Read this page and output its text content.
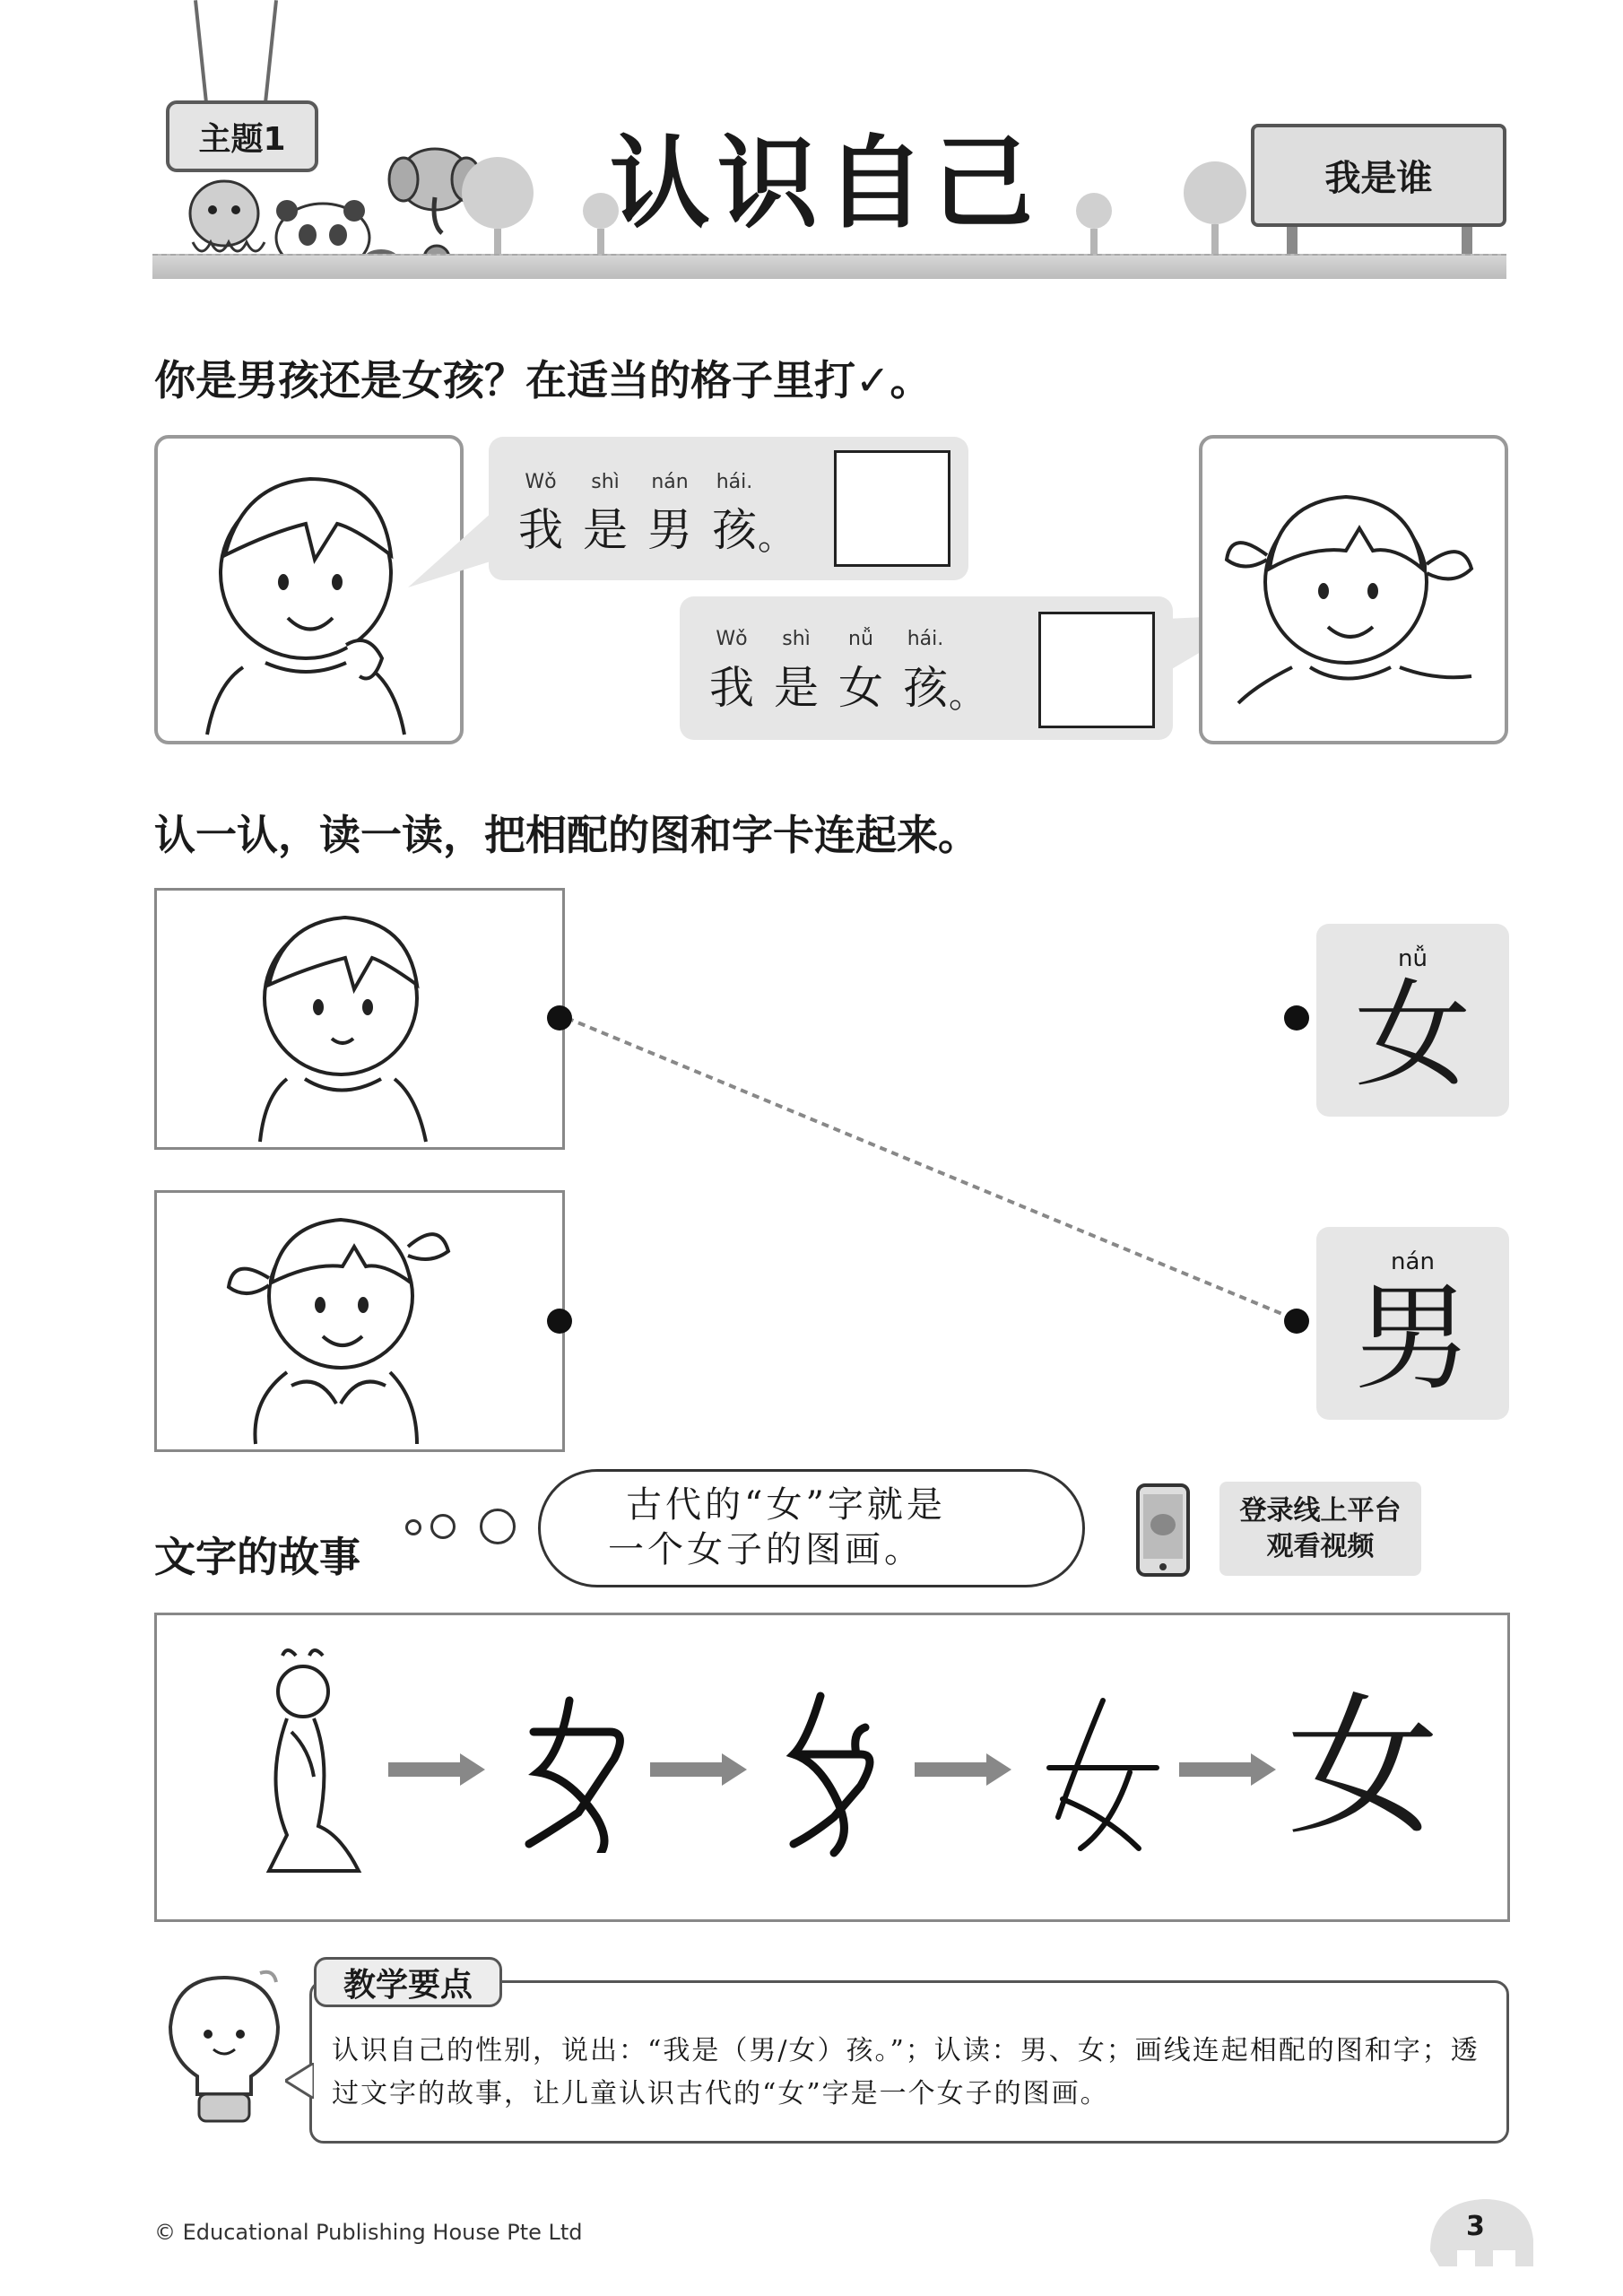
主题1	认识自己	我是谁
你是男孩还是女孩？在适当的格子里打✓。
Wǒ	shì	nán	hái.
我 是 男 孩 。
Wǒ	shì	nǚ	hái.
我 是 女 孩 。
认一认，读一读，把相配的图和字卡连起来。
nǚ
女
nán
男
文字的故事
古代的“女”字就是
一个女子的图画。
登录线上平台
观看视频
女
认识自己的性别，说出：“我是（男/女）孩。”；认读：男、女；画线连起相配的图和字；透过文字的故事，让儿童认识古代的“女”字是一个女子的图画。
教学要点
© Educational Publishing House Pte Ltd	3
